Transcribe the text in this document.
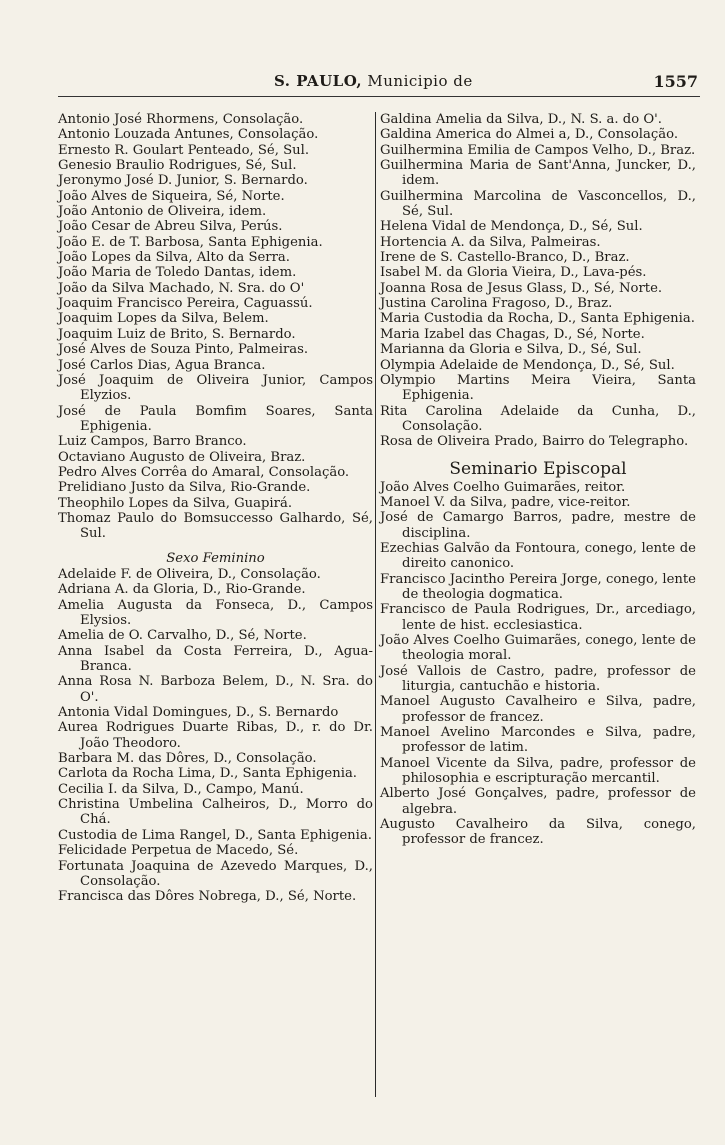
S. PAULO, Municipio de	1557
Antonio José Rhormens, Consolação.
Antonio Louzada Antunes, Consolação.
Ernesto R. Goulart Penteado, Sé, Sul.
Genesio Braulio Rodrigues, Sé, Sul.
Jeronymo José D. Junior, S. Bernardo.
João Alves de Siqueira, Sé, Norte.
João Antonio de Oliveira, idem.
João Cesar de Abreu Silva, Perús.
João E. de T. Barbosa, Santa Ephigenia.
João Lopes da Silva, Alto da Serra.
João Maria de Toledo Dantas, idem.
João da Silva Machado, N. Sra. do O'
Joaquim Francisco Pereira, Caguassú.
Joaquim Lopes da Silva, Belem.
Joaquim Luiz de Brito, S. Bernardo.
José Alves de Souza Pinto, Palmeiras.
José Carlos Dias, Agua Branca.
José Joaquim de Oliveira Junior, Campos Elyzios.
José de Paula Bomfim Soares, Santa Ephigenia.
Luiz Campos, Barro Branco.
Octaviano Augusto de Oliveira, Braz.
Pedro Alves Corrêa do Amaral, Consolação.
Prelidiano Justo da Silva, Rio-Grande.
Theophilo Lopes da Silva, Guapirá.
Thomaz Paulo do Bomsuccesso Galhardo, Sé, Sul.
Sexo Feminino
Adelaide F. de Oliveira, D., Consolação.
Adriana A. da Gloria, D., Rio-Grande.
Amelia Augusta da Fonseca, D., Campos Elysios.
Amelia de O. Carvalho, D., Sé, Norte.
Anna Isabel da Costa Ferreira, D., Agua-Branca.
Anna Rosa N. Barboza Belem, D., N. Sra. do O'.
Antonia Vidal Domingues, D., S. Bernardo
Aurea Rodrigues Duarte Ribas, D., r. do Dr. João Theodoro.
Barbara M. das Dôres, D., Consolação.
Carlota da Rocha Lima, D., Santa Ephigenia.
Cecilia I. da Silva, D., Campo, Manú.
Christina Umbelina Calheiros, D., Morro do Chá.
Custodia de Lima Rangel, D., Santa Ephigenia.
Felicidade Perpetua de Macedo, Sé.
Fortunata Joaquina de Azevedo Marques, D., Consolação.
Francisca das Dôres Nobrega, D., Sé, Norte.
Galdina Amelia da Silva, D., N. S. a. do O'.
Galdina America do Almei a, D., Consolação.
Guilhermina Emilia de Campos Velho, D., Braz.
Guilhermina Maria de Sant'Anna, Juncker, D., idem.
Guilhermina Marcolina de Vasconcellos, D., Sé, Sul.
Helena Vidal de Mendonça, D., Sé, Sul.
Hortencia A. da Silva, Palmeiras.
Irene de S. Castello-Branco, D., Braz.
Isabel M. da Gloria Vieira, D., Lava-pés.
Joanna Rosa de Jesus Glass, D., Sé, Norte.
Justina Carolina Fragoso, D., Braz.
Maria Custodia da Rocha, D., Santa Ephigenia.
Maria Izabel das Chagas, D., Sé, Norte.
Marianna da Gloria e Silva, D., Sé, Sul.
Olympia Adelaide de Mendonça, D., Sé, Sul.
Olympio Martins Meira Vieira, Santa Ephigenia.
Rita Carolina Adelaide da Cunha, D., Consolação.
Rosa de Oliveira Prado, Bairro do Telegrapho.
Seminario Episcopal
João Alves Coelho Guimarães, reitor.
Manoel V. da Silva, padre, vice-reitor.
José de Camargo Barros, padre, mestre de disciplina.
Ezechias Galvão da Fontoura, conego, lente de direito canonico.
Francisco Jacintho Pereira Jorge, conego, lente de theologia dogmatica.
Francisco de Paula Rodrigues, Dr., arcediago, lente de hist. ecclesiastica.
João Alves Coelho Guimarães, conego, lente de theologia moral.
José Vallois de Castro, padre, professor de liturgia, cantuchão e historia.
Manoel Augusto Cavalheiro e Silva, padre, professor de francez.
Manoel Avelino Marcondes e Silva, padre, professor de latim.
Manoel Vicente da Silva, padre, professor de philosophia e escripturação mercantil.
Alberto José Gonçalves, padre, professor de algebra.
Augusto Cavalheiro da Silva, conego, professor de francez.
